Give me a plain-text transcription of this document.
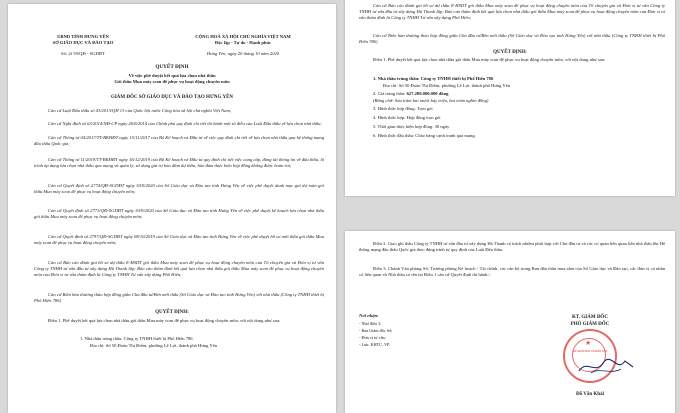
UBND TỈNH HƯNG YÊN
SỞ GIÁO DỤC VÀ ĐÀO TẠO
Số: 2f 59/QĐ - SGDĐT
CỘNG HOÀ XÃ HỘI CHỦ NGHĨA VIỆT NAM
Độc lập - Tự do - Hạnh phúc
Hưng Yên, ngày 20 tháng 10 năm 2020
QUYẾT ĐỊNH
Về việc phê duyệt kết quả lựa chọn nhà thầu
Gói thầu Mua máy scan để phục vụ hoạt động chuyên môn
GIÁM ĐỐC SỞ GIÁO DỤC VÀ ĐÀO TẠO HƯNG YÊN
Căn cứ Luật Đấu thầu số 43/2013/QH 13 của Quốc hội nước Cộng hòa xã hội chủ nghĩa Việt Nam;
Căn cứ Nghị định số 63/2014/NĐ-CP ngày 26/6/2014 của Chính phủ quy định chi tiết thi hành một số điều của Luật Đấu thầu về lựa chọn nhà thầu;
Căn cứ Thông tư 04/2017/TT-BKHĐT ngày 15/11/2017 của Bộ Kế hoạch và Đầu tư về việc quy định chi tiết về lựa chọn nhà thầu qua hệ thống mạng đấu thầu Quốc gia;
Căn cứ Thông tư 11/2019/TT-BKHĐT ngày 16/12/2019 của Bộ Kế hoạch và Đầu tư quy định chi tiết việc cung cấp, đăng tải thông tin về đấu thầu, lộ trình áp dụng lựa chọn nhà thầu qua mạng và quản lý, sử dụng giá trị bảo đảm dự thầu, bảo đảm thực hiện hợp đồng không được hoàn trả;
Căn cứ Quyết định số 2774/QĐ-SGDĐT ngày 30/9/2020 của Sở Giáo dục và Đào tạo tỉnh Hưng Yên về việc phê duyệt danh mục giá dự toán gói thầu Mua máy scan để phục vụ hoạt động chuyên môn;
Căn cứ Quyết định số 2773/QĐ-SGDĐT ngày 30/9/2020 của Sở Giáo dục và Đào tạo tỉnh Hưng Yên về việc phê duyệt kế hoạch lựa chọn nhà thầu gói thầu Mua máy scan để phục vụ hoạt động chuyên môn;
Căn cứ Quyết định số 2797/QĐ-SGDĐT ngày 08/10/2019 của Sở Giáo dục và Đào tạo tỉnh Hưng Yên về việc phê duyệt hồ sơ mời thầu gói thầu Mua máy scan để phục vụ hoạt động chuyên môn;
Căn cứ Báo cáo đánh giá hồ sơ dự thầu E-HSDT gói thầu Mua máy scan để phục vụ hoạt động chuyên môn của Tổ chuyên gia và Đơn vị tư vấn Công ty TNHH tư vấn đầu tư xây dựng Hà Thanh lập; Báo cáo thẩm định kết quả lựa chọn nhà thầu gói thầu Mua máy scan để phục vụ hoạt động chuyên môn của Đơn vị tư vấn thẩm định là Công ty TNHH Tư vấn xây dựng Phố Hiến;
Căn cứ Biên bản thương thảo hợp đồng giữa Chủ đầu tư/Bên mời thầu (Sở Giáo dục và Đào tạo tỉnh Hưng Yên) với nhà thầu (Công ty TNHH thiết bị Phố Hiến 786)
QUYẾT ĐỊNH:
Điều 1. Phê duyệt kết quả lựa chọn nhà thầu gói thầu Mua máy scan để phục vụ hoạt động chuyên môn, với nội dung như sau:
1. Nhà thầu trúng thầu: Công ty TNHH thiết bị Phố Hiến 786
Địa chỉ: Số 50 Đoàn Thị Điểm, phường Lê Lợi, thành phố Hưng Yên
Căn cứ Báo cáo đánh giá hồ sơ dự thầu E-HSDT gói thầu Mua máy scan để phục vụ hoạt động chuyên môn của Tổ chuyên gia và Đơn vị tư vấn Công ty TNHH tư vấn đầu tư xây dựng Hà Thanh lập; Báo cáo thẩm định kết quả lựa chọn nhà thầu gói thầu Mua máy scan để phục vụ hoạt động chuyên môn của Đơn vị tư vấn thẩm định là Công ty TNHH Tư vấn xây dựng Phố Hiến;
Căn cứ Biên bản thương thảo hợp đồng giữa Chủ đầu tư/Bên mời thầu (Sở Giáo dục và Đào tạo tỉnh Hưng Yên) với nhà thầu (Công ty TNHH thiết bị Phố Hiến 786)
QUYẾT ĐỊNH:
Điều 1. Phê duyệt kết quả lựa chọn nhà thầu gói thầu Mua máy scan để phục vụ hoạt động chuyên môn, với nội dung như sau:
1. Nhà thầu trúng thầu: Công ty TNHH thiết bị Phố Hiến 786
Địa chỉ: Số 50 Đoàn Thị Điểm, phường Lê Lợi, thành phố Hưng Yên
2. Giá trúng thầu: 627.200.000.000 đồng
(Bằng chữ: Sáu trăm hai mươi bảy triệu, hai trăm nghìn đồng)
3. Hình thức hợp đồng: Trọn gói
4. Hình thức hợp: Hợp đồng trọn gói
5. Thời gian thực hiện hợp đồng: 30 ngày
6. Hình thức đấu thầu: Chào hàng cạnh tranh qua mạng.
Điều 2. Giao ghi thầu Công ty TNHH tư vấn đầu tư xây dựng Hà Thanh có trách nhiệm phối hợp với Chủ đầu tư và các cơ quan liên quan liên nhà thầu lên Hệ thống mạng đấu thầu Quốc gia theo đúng trình tự quy định của Luật Đấu thầu.
Điều 3. Chánh Văn phòng Sở, Trưởng phòng Kế hoạch - Tài chính, các cán bộ trong Ban đấu thầu mua sắm của Sở Giáo dục và Đào tạo, các đơn vị cá nhân có liên quan và Nhà thầu có tên tại Điều 1 căn cứ Quyết định thi hành./.
Nơi nhận:
- Như điều 3;
- Ban Giám đốc Sở;
- Đơn vị tư vấn;
- Lưu: KHTC, VP.
KT. GIÁM ĐỐC
PHÓ GIÁM ĐỐC
★
SỞ GIÁO DỤC VÀ ĐÀO TẠO
Đỗ Văn Khải
